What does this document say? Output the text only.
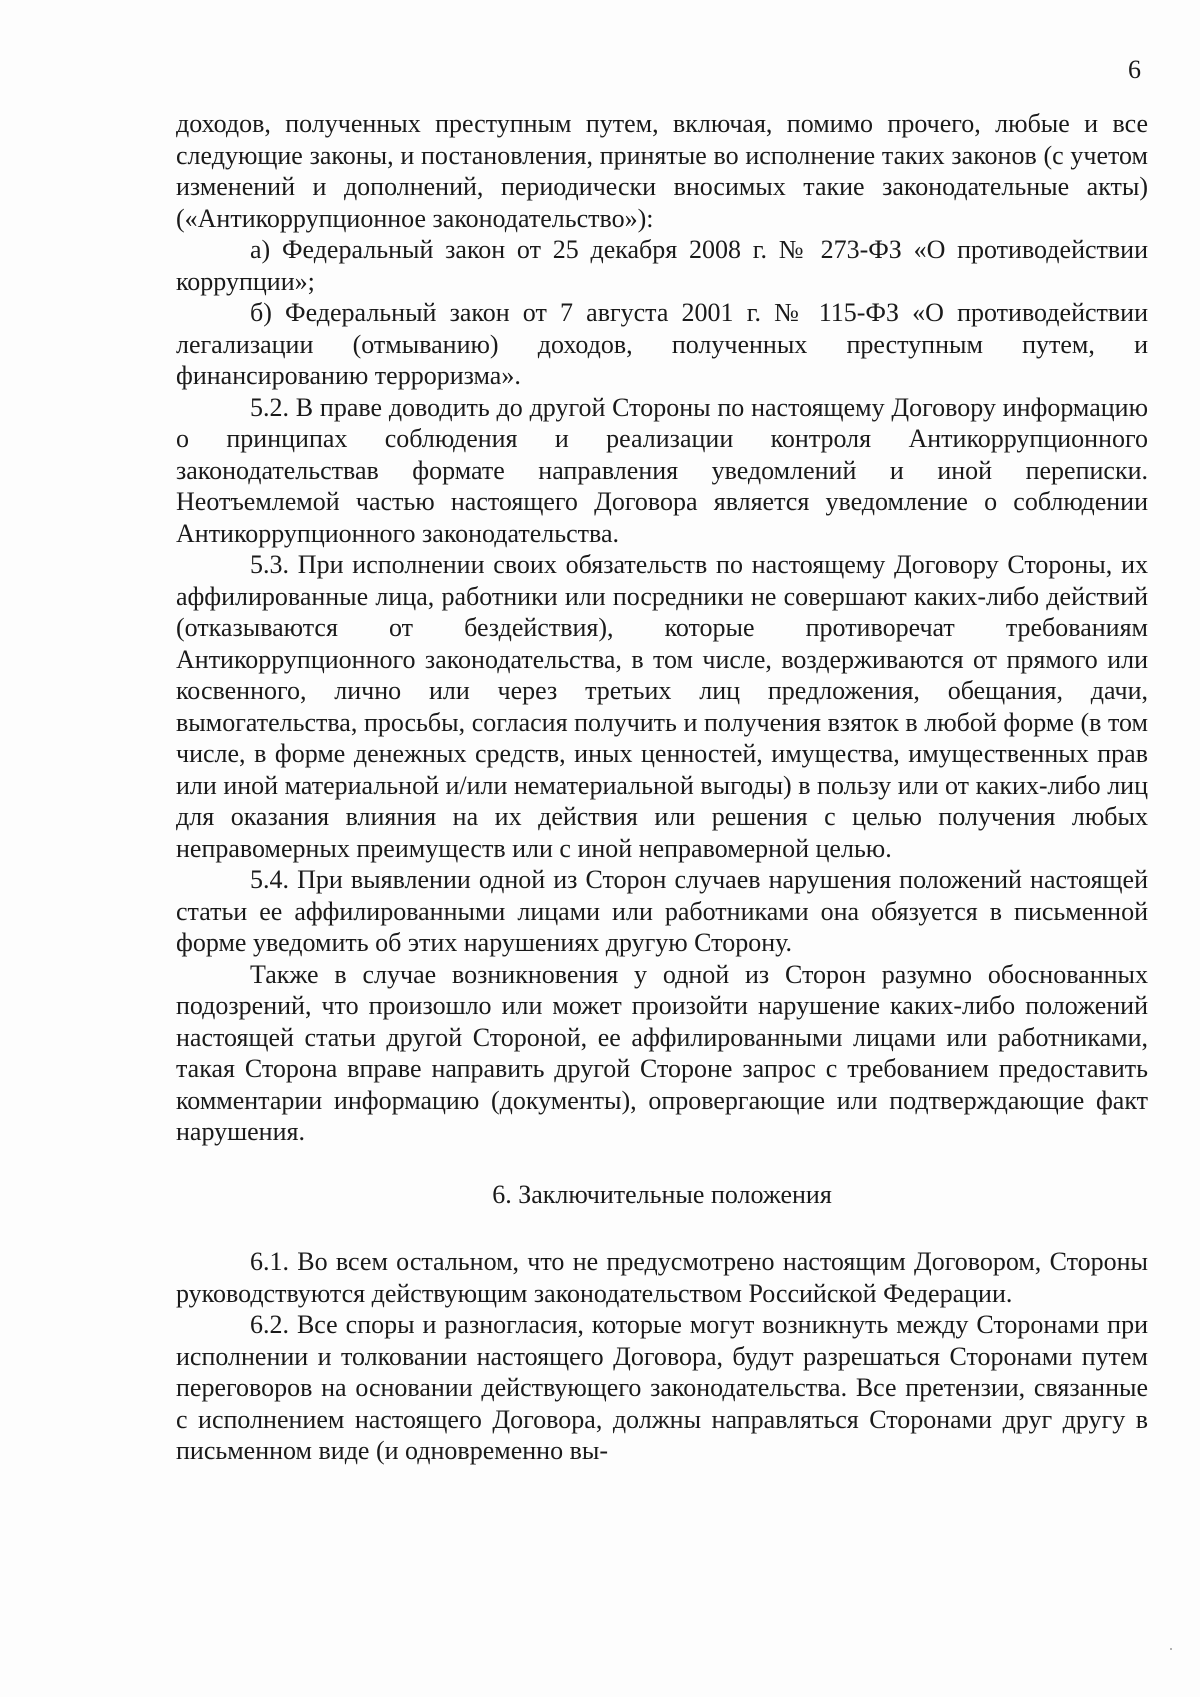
6

доходов, полученных преступным путем, включая, помимо прочего, любые и все следующие законы, и постановления, принятые во исполнение таких законов (с учетом изменений и дополнений, периодически вносимых такие законодательные акты) («Антикоррупционное законодательство»):

а) Федеральный закон от 25 декабря 2008 г. № 273-ФЗ «О противодействии коррупции»;

б) Федеральный закон от 7 августа 2001 г. № 115-ФЗ «О противодействии легализации (отмыванию) доходов, полученных преступным путем, и финансированию терроризма».

5.2. В праве доводить до другой Стороны по настоящему Договору информацию о принципах соблюдения и реализации контроля Антикоррупционного законодательствав формате направления уведомлений и иной переписки. Неотъемлемой частью настоящего Договора является уведомление о соблюдении Антикоррупционного законодательства.

5.3. При исполнении своих обязательств по настоящему Договору Стороны, их аффилированные лица, работники или посредники не совершают каких-либо действий (отказываются от бездействия), которые противоречат требованиям Антикоррупционного законодательства, в том числе, воздерживаются от прямого или косвенного, лично или через третьих лиц предложения, обещания, дачи, вымогательства, просьбы, согласия получить и получения взяток в любой форме (в том числе, в форме денежных средств, иных ценностей, имущества, имущественных прав или иной материальной и/или нематериальной выгоды) в пользу или от каких-либо лиц для оказания влияния на их действия или решения с целью получения любых неправомерных преимуществ или с иной неправомерной целью.

5.4. При выявлении одной из Сторон случаев нарушения положений настоящей статьи ее аффилированными лицами или работниками она обязуется в письменной форме уведомить об этих нарушениях другую Сторону.

Также в случае возникновения у одной из Сторон разумно обоснованных подозрений, что произошло или может произойти нарушение каких-либо положений настоящей статьи другой Стороной, ее аффилированными лицами или работниками, такая Сторона вправе направить другой Стороне запрос с требованием предоставить комментарии информацию (документы), опровергающие или подтверждающие факт нарушения.

6. Заключительные положения

6.1. Во всем остальном, что не предусмотрено настоящим Договором, Стороны руководствуются действующим законодательством Российской Федерации.

6.2. Все споры и разногласия, которые могут возникнуть между Сторонами при исполнении и толковании настоящего Договора, будут разрешаться Сторонами путем переговоров на основании действующего законодательства. Все претензии, связанные с исполнением настоящего Договора, должны направляться Сторонами друг другу в письменном виде (и одновременно вы-
